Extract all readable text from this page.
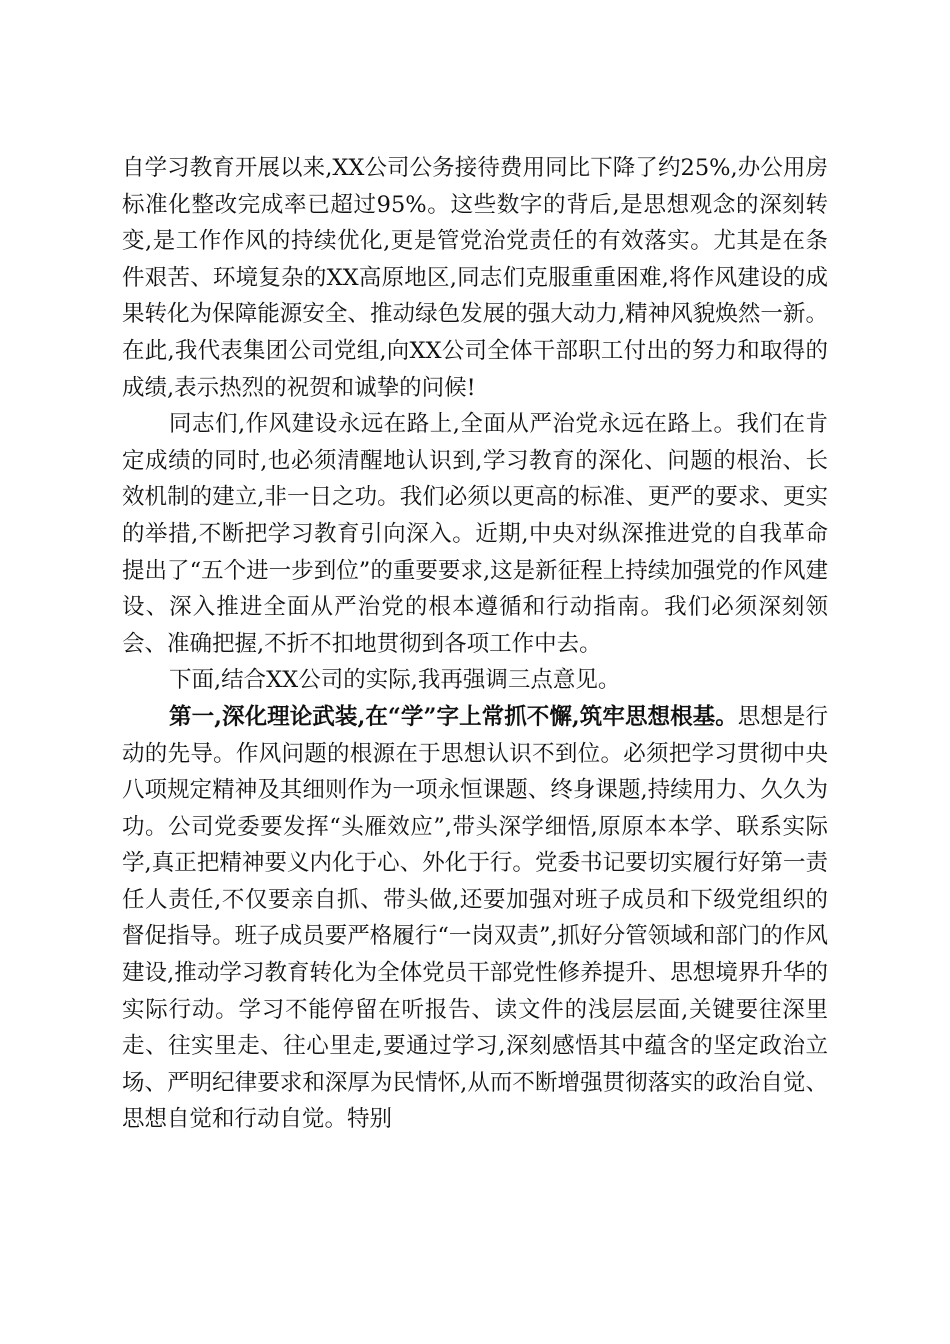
自学习教育开展以来,XX公司公务接待费用同比下降了约25%,办公用房标准化整改完成率已超过95%。这些数字的背后,是思想观念的深刻转变,是工作作风的持续优化,更是管党治党责任的有效落实。尤其是在条件艰苦、环境复杂的XX高原地区,同志们克服重重困难,将作风建设的成果转化为保障能源安全、推动绿色发展的强大动力,精神风貌焕然一新。在此,我代表集团公司党组,向XX公司全体干部职工付出的努力和取得的成绩,表示热烈的祝贺和诚挚的问候!

同志们,作风建设永远在路上,全面从严治党永远在路上。我们在肯定成绩的同时,也必须清醒地认识到,学习教育的深化、问题的根治、长效机制的建立,非一日之功。我们必须以更高的标准、更严的要求、更实的举措,不断把学习教育引向深入。近期,中央对纵深推进党的自我革命提出了“五个进一步到位”的重要要求,这是新征程上持续加强党的作风建设、深入推进全面从严治党的根本遵循和行动指南。我们必须深刻领会、准确把握,不折不扣地贯彻到各项工作中去。

下面,结合XX公司的实际,我再强调三点意见。

第一,深化理论武装,在“学”字上常抓不懈,筑牢思想根基。思想是行动的先导。作风问题的根源在于思想认识不到位。必须把学习贯彻中央八项规定精神及其细则作为一项永恒课题、终身课题,持续用力、久久为功。公司党委要发挥“头雁效应”,带头深学细悟,原原本本学、联系实际学,真正把精神要义内化于心、外化于行。党委书记要切实履行好第一责任人责任,不仅要亲自抓、带头做,还要加强对班子成员和下级党组织的督促指导。班子成员要严格履行“一岗双责”,抓好分管领域和部门的作风建设,推动学习教育转化为全体党员干部党性修养提升、思想境界升华的实际行动。学习不能停留在听报告、读文件的浅层层面,关键要往深里走、往实里走、往心里走,要通过学习,深刻感悟其中蕴含的坚定政治立场、严明纪律要求和深厚为民情怀,从而不断增强贯彻落实的政治自觉、思想自觉和行动自觉。特别
